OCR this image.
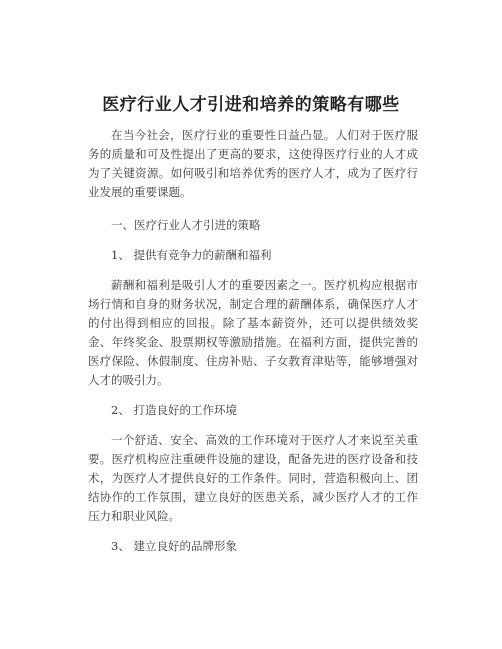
医疗行业人才引进和培养的策略有哪些

在当今社会，医疗行业的重要性日益凸显。人们对于医疗服务的质量和可及性提出了更高的要求，这使得医疗行业的人才成为了关键资源。如何吸引和培养优秀的医疗人才，成为了医疗行业发展的重要课题。

一、医疗行业人才引进的策略

1、 提供有竞争力的薪酬和福利

薪酬和福利是吸引人才的重要因素之一。医疗机构应根据市场行情和自身的财务状况，制定合理的薪酬体系，确保医疗人才的付出得到相应的回报。除了基本薪资外，还可以提供绩效奖金、年终奖金、股票期权等激励措施。在福利方面，提供完善的医疗保险、休假制度、住房补贴、子女教育津贴等，能够增强对人才的吸引力。

2、 打造良好的工作环境

一个舒适、安全、高效的工作环境对于医疗人才来说至关重要。医疗机构应注重硬件设施的建设，配备先进的医疗设备和技术，为医疗人才提供良好的工作条件。同时，营造积极向上、团结协作的工作氛围，建立良好的医患关系，减少医疗人才的工作压力和职业风险。

3、 建立良好的品牌形象
